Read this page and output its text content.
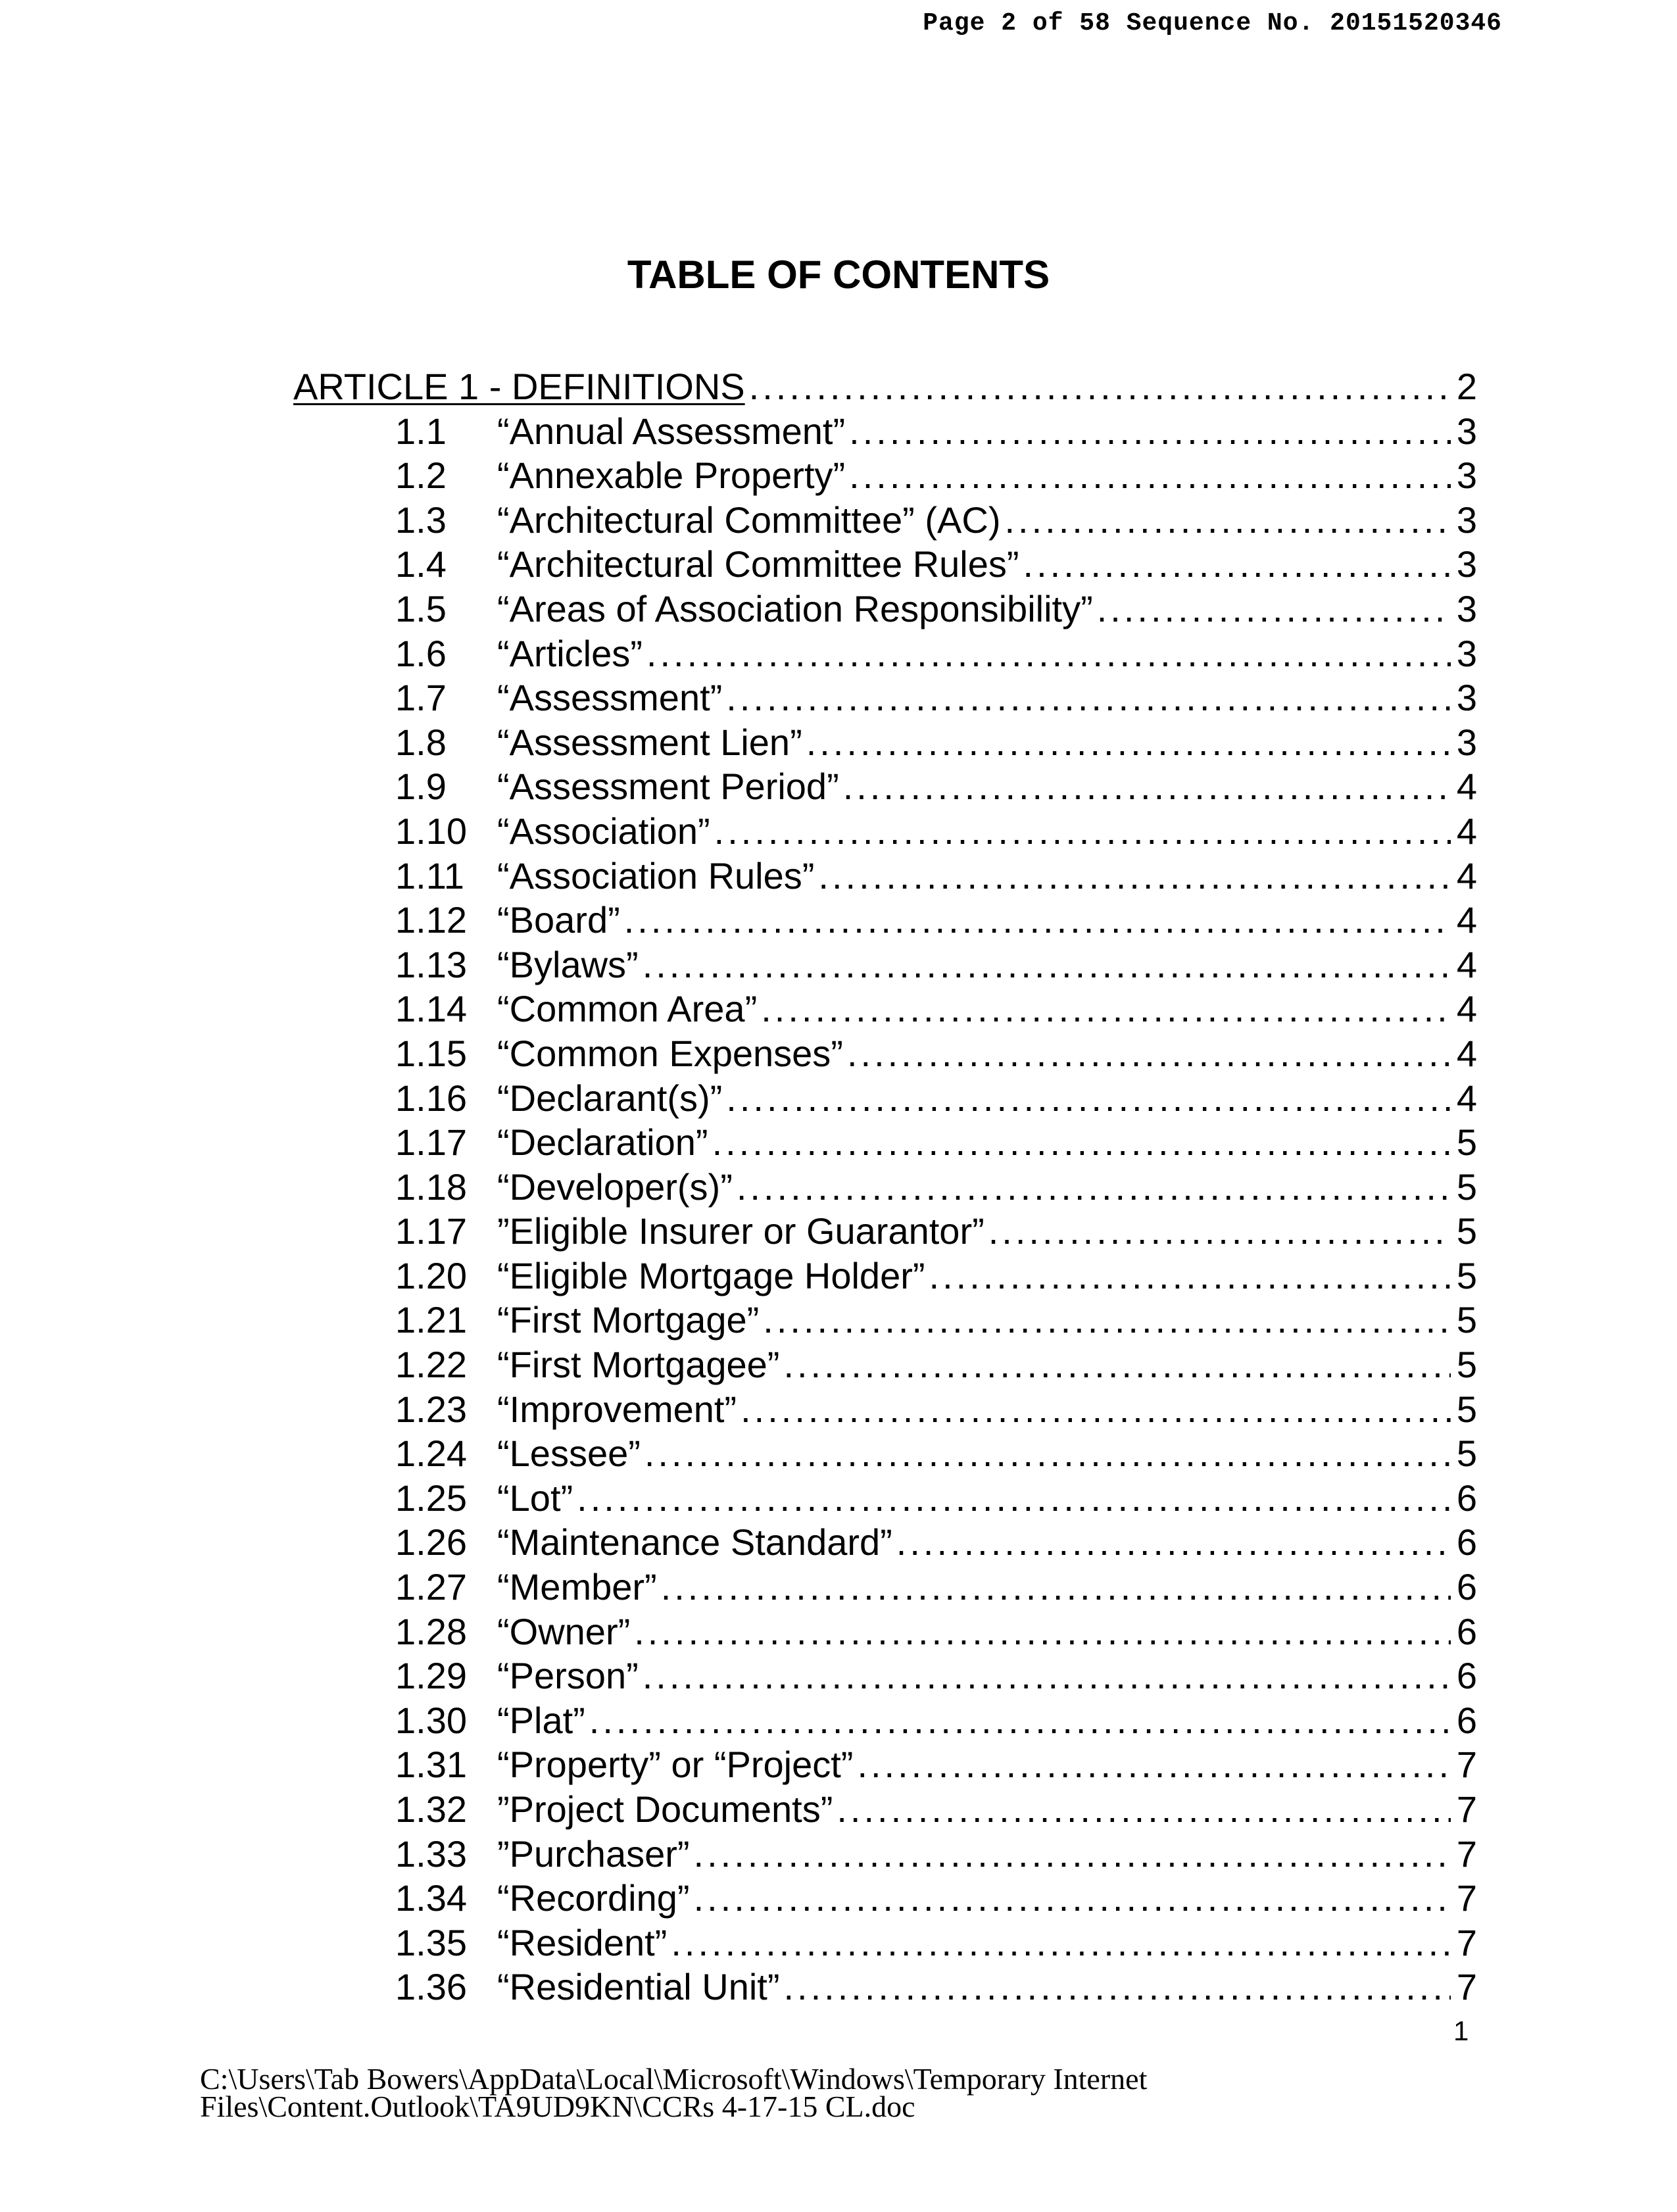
Page 2 of 58 Sequence No. 20151520346
TABLE OF CONTENTS
ARTICLE 1 - DEFINITIONS .....	2
1.1	“Annual Assessment” .....	3
1.2	“Annexable Property” .....	3
1.3	“Architectural Committee” (AC) .....	3
1.4	“Architectural Committee Rules” .....	3
1.5	“Areas of Association Responsibility” .....	3
1.6	“Articles” .....	3
1.7	“Assessment” .....	3
1.8	“Assessment Lien” .....	3
1.9	“Assessment Period” .....	4
1.10 “Association” .....	4
1.11 “Association Rules” .....	4
1.12 “Board” .....	4
1.13 “Bylaws” .....	4
1.14 “Common Area” .....	4
1.15 “Common Expenses” .....	4
1.16 “Declarant(s)” .....	4
1.17 “Declaration” .....	5
1.18 “Developer(s)” .....	5
1.17 ”Eligible Insurer or Guarantor” .....	5
1.20 “Eligible Mortgage Holder” .....	5
1.21 “First Mortgage” .....	5
1.22 “First Mortgagee” .....	5
1.23 “Improvement” .....	5
1.24 “Lessee” .....	5
1.25 “Lot” .....	6
1.26 “Maintenance Standard” .....	6
1.27 “Member” .....	6
1.28 “Owner” .....	6
1.29 “Person” .....	6
1.30 “Plat” .....	6
1.31 “Property” or “Project” .....	7
1.32 ”Project Documents” .....	7
1.33 ”Purchaser” .....	7
1.34 “Recording” .....	7
1.35 “Resident” .....	7
1.36 “Residential Unit” .....	7
1
C:\Users\Tab Bowers\AppData\Local\Microsoft\Windows\Temporary Internet
Files\Content.Outlook\TA9UD9KN\CCRs 4-17-15 CL.doc
